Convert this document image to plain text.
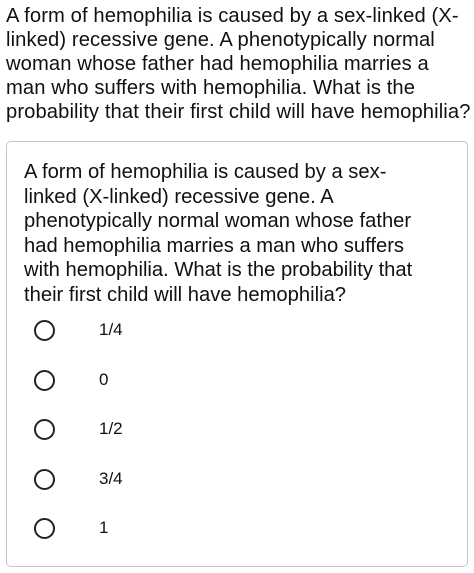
A form of hemophilia is caused by a sex-linked (X-
linked) recessive gene. A phenotypically normal
woman whose father had hemophilia marries a
man who suffers with hemophilia. What is the
probability that their first child will have hemophilia?
A form of hemophilia is caused by a sex-
linked (X-linked) recessive gene. A
phenotypically normal woman whose father
had hemophilia marries a man who suffers
with hemophilia. What is the probability that
their first child will have hemophilia?
1/4
0
1/2
3/4
1
